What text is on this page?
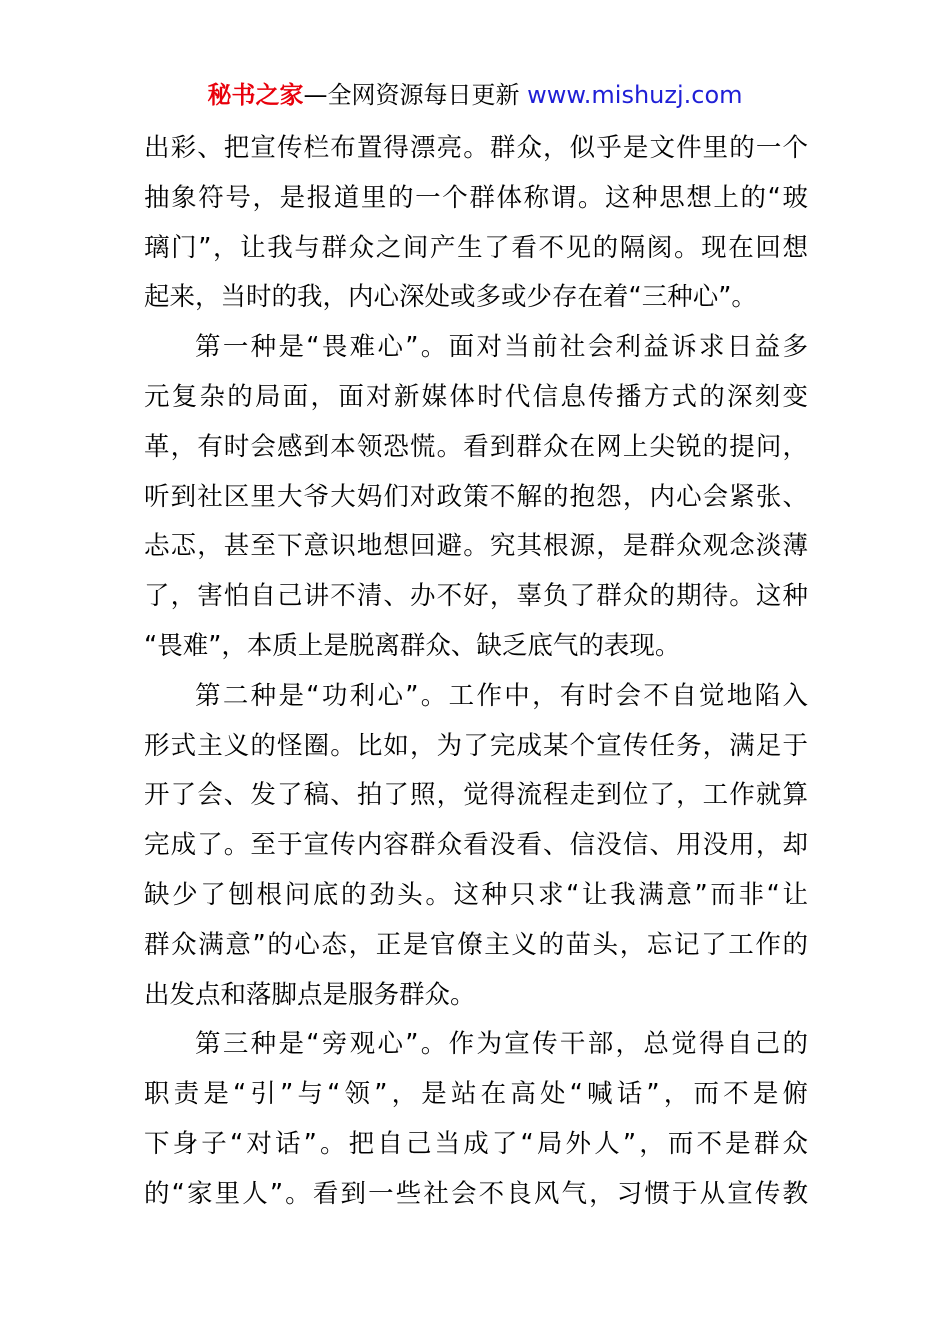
秘书之家—全网资源每日更新 www.mishuzj.com
出彩、把宣传栏布置得漂亮。群众，似乎是文件里的一个
抽象符号，是报道里的一个群体称谓。这种思想上的“玻
璃门”，让我与群众之间产生了看不见的隔阂。现在回想
起来，当时的我，内心深处或多或少存在着“三种心”。
第一种是“畏难心”。面对当前社会利益诉求日益多
元复杂的局面，面对新媒体时代信息传播方式的深刻变
革，有时会感到本领恐慌。看到群众在网上尖锐的提问，
听到社区里大爷大妈们对政策不解的抱怨，内心会紧张、
忐忑，甚至下意识地想回避。究其根源，是群众观念淡薄
了，害怕自己讲不清、办不好，辜负了群众的期待。这种
“畏难”，本质上是脱离群众、缺乏底气的表现。
第二种是“功利心”。工作中，有时会不自觉地陷入
形式主义的怪圈。比如，为了完成某个宣传任务，满足于
开了会、发了稿、拍了照，觉得流程走到位了，工作就算
完成了。至于宣传内容群众看没看、信没信、用没用，却
缺少了刨根问底的劲头。这种只求“让我满意”而非“让
群众满意”的心态，正是官僚主义的苗头，忘记了工作的
出发点和落脚点是服务群众。
第三种是“旁观心”。作为宣传干部，总觉得自己的
职责是“引”与“领”，是站在高处“喊话”，而不是俯
下身子“对话”。把自己当成了“局外人”，而不是群众
的“家里人”。看到一些社会不良风气，习惯于从宣传教
